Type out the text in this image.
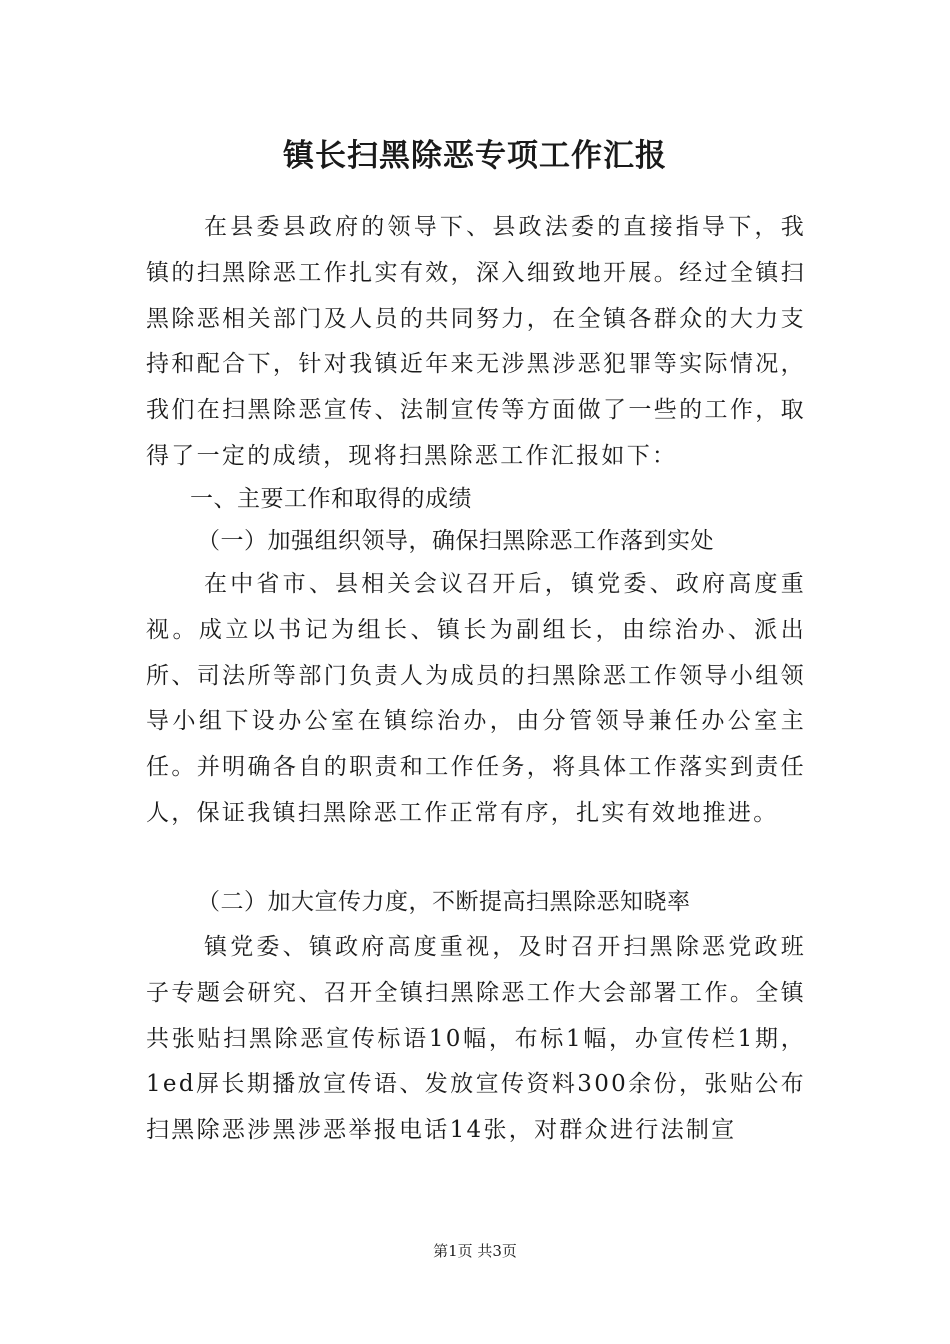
镇长扫黑除恶专项工作汇报

在县委县政府的领导下、县政法委的直接指导下，我镇的扫黑除恶工作扎实有效，深入细致地开展。经过全镇扫黑除恶相关部门及人员的共同努力，在全镇各群众的大力支持和配合下，针对我镇近年来无涉黑涉恶犯罪等实际情况，我们在扫黑除恶宣传、法制宣传等方面做了一些的工作，取得了一定的成绩，现将扫黑除恶工作汇报如下：

一、主要工作和取得的成绩
（一）加强组织领导，确保扫黑除恶工作落到实处

在中省市、县相关会议召开后，镇党委、政府高度重视。成立以书记为组长、镇长为副组长，由综治办、派出所、司法所等部门负责人为成员的扫黑除恶工作领导小组领导小组下设办公室在镇综治办，由分管领导兼任办公室主任。并明确各自的职责和工作任务，将具体工作落实到责任人，保证我镇扫黑除恶工作正常有序，扎实有效地推进。

（二）加大宣传力度，不断提高扫黑除恶知晓率

镇党委、镇政府高度重视，及时召开扫黑除恶党政班子专题会研究、召开全镇扫黑除恶工作大会部署工作。全镇共张贴扫黑除恶宣传标语10幅，布标1幅，办宣传栏1期，1ed屏长期播放宣传语、发放宣传资料300余份，张贴公布扫黑除恶涉黑涉恶举报电话14张，对群众进行法制宣

第1页 共3页
